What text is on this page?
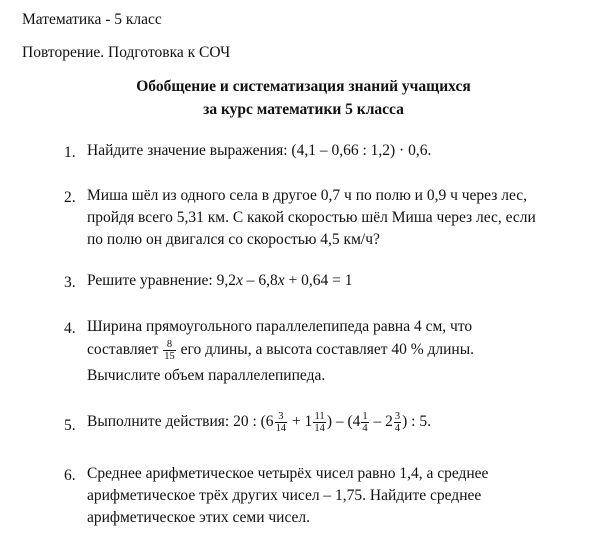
Математика - 5 класс
Повторение. Подготовка к СОЧ
Обобщение и систематизация знаний учащихся
за курс математики 5 класса
1. Найдите значение выражения: (4,1 – 0,66 : 1,2) · 0,6.
2. Миша шёл из одного села в другое 0,7 ч по полю и 0,9 ч через лес,
пройдя всего 5,31 км. С какой скоростью шёл Миша через лес, если
по полю он двигался со скоростью 4,5 км/ч?
3. Решите уравнение: 9,2x – 6,8x + 0,64 = 1
4. Ширина прямоугольного параллелепипеда равна 4 см, что
составляет $\frac{8}{15}$ его длины, а высота составляет 40 % длины.
Вычислите объем параллелепипеда.
5. Выполните действия: 20 : ($6 \frac{3}{14} + 1 \frac{11}{14}$ ) – ($4 \frac{1}{4} - 2 \frac{3}{4}$ ) : 5.
6. Среднее арифметическое четырёх чисел равно 1,4, а среднее
арифметическое трёх других чисел – 1,75. Найдите среднее
арифметическое этих семи чисел.
